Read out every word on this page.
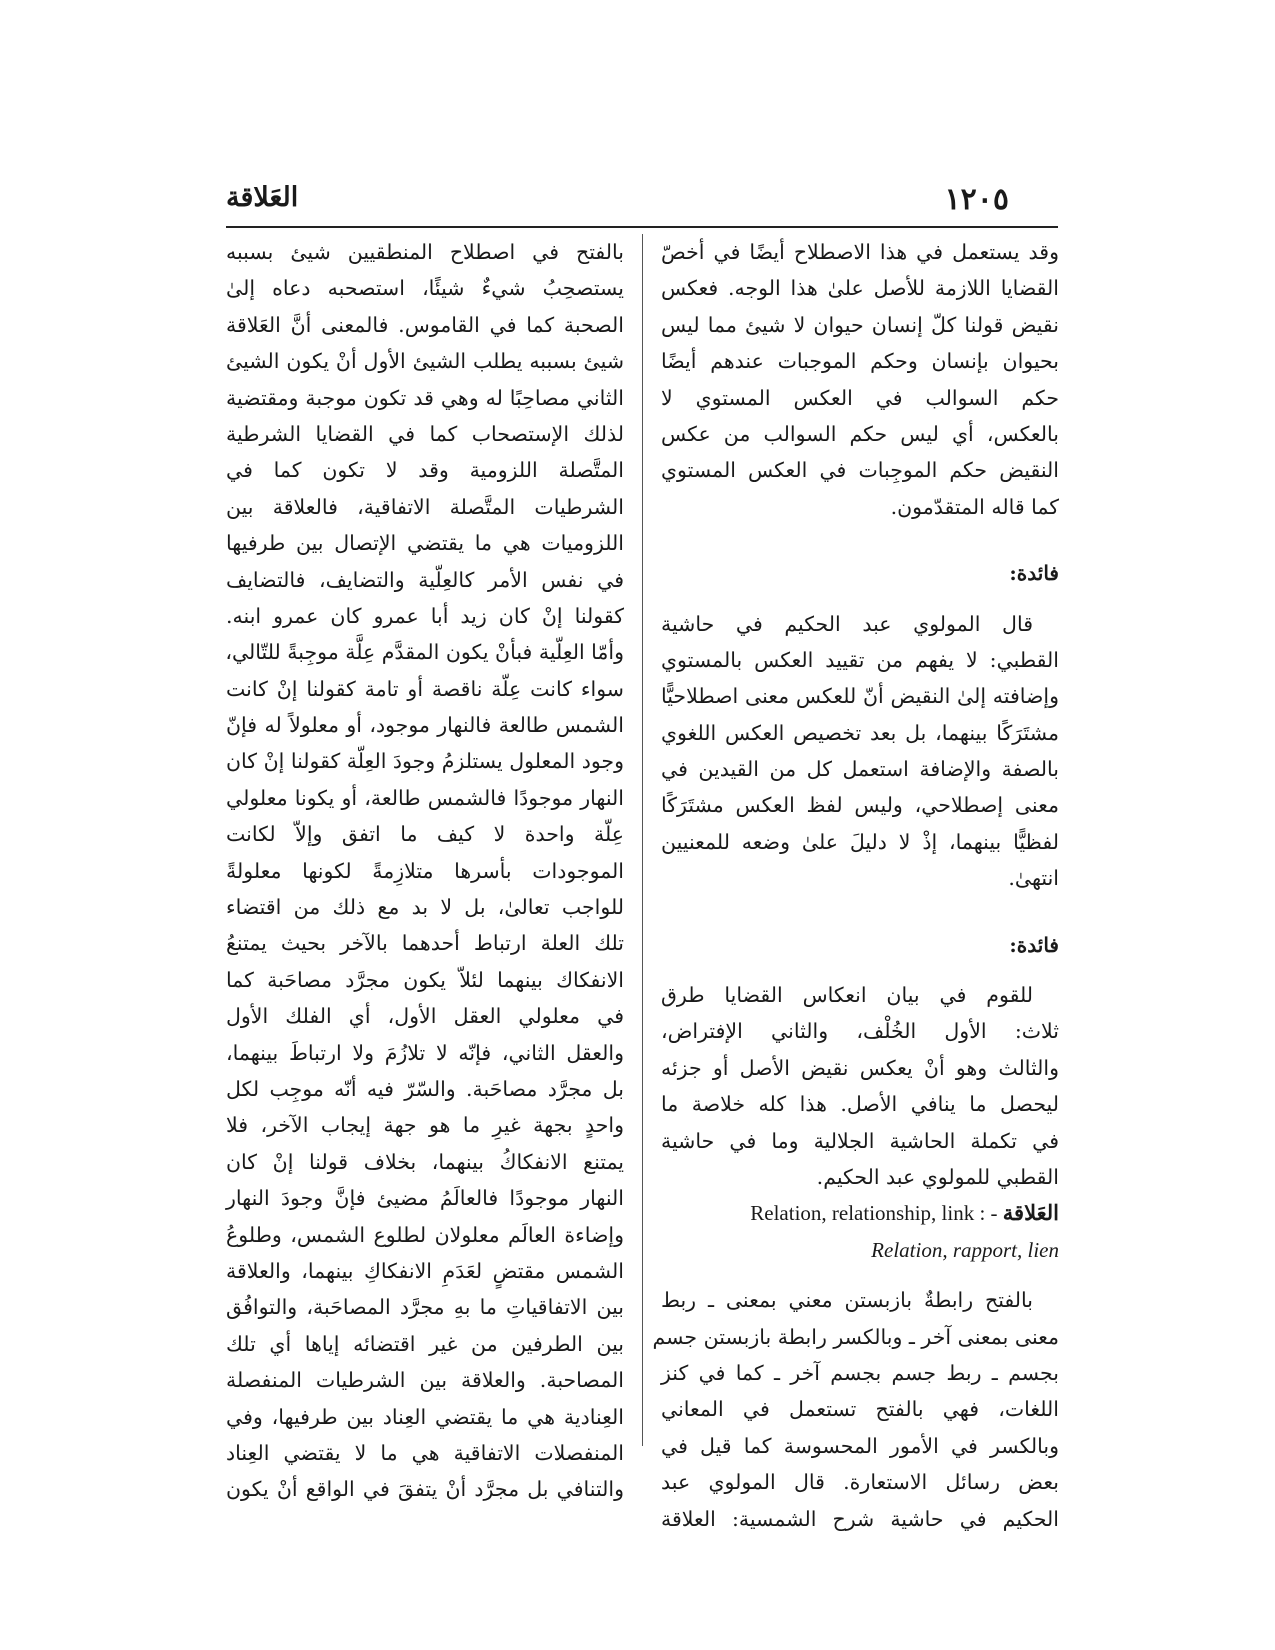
١٢٠٥
العَلاقة
وقد يستعمل في هذا الاصطلاح أيضًا في أخصّ
القضايا اللازمة للأصل علىٰ هذا الوجه. فعكس
نقيض قولنا كلّ إنسان حيوان لا شيئ مما ليس
بحيوان بإنسان وحكم الموجبات عندهم أيضًا
حكم السوالب في العكس المستوي لا
بالعكس، أي ليس حكم السوالب من عكس
النقيض حكم الموجِبات في العكس المستوي
كما قاله المتقدّمون.
فائدة:
قال المولوي عبد الحكيم في حاشية
القطبي: لا يفهم من تقييد العكس بالمستوي
وإضافته إلىٰ النقيض أنّ للعكس معنى اصطلاحيًّا
مشتَرَكًا بينهما، بل بعد تخصيص العكس اللغوي
بالصفة والإضافة استعمل كل من القيدين في
معنى إصطلاحي، وليس لفظ العكس مشتَرَكًا
لفظيًّا بينهما، إذْ لا دليلَ علىٰ وضعه للمعنيين
انتهىٰ.
فائدة:
للقوم في بيان انعكاس القضايا طرق
ثلاث: الأول الخُلْف، والثاني الإفتراض،
والثالث وهو أنْ يعكس نقيض الأصل أو جزئه
ليحصل ما ينافي الأصل. هذا كله خلاصة ما
في تكملة الحاشية الجلالية وما في حاشية
القطبي للمولوي عبد الحكيم.
Relation, relationship, link : - العَلاقة
Relation, rapport, lien
بالفتح رابطةٌ بازبستن معني بمعنى ـ ربط
معنى بمعنى آخر ـ وبالكسر رابطة بازبستن جسم
بجسم ـ ربط جسم بجسم آخر ـ كما في كنز
اللغات، فهي بالفتح تستعمل في المعاني
وبالكسر في الأمور المحسوسة كما قيل في
بعض رسائل الاستعارة. قال المولوي عبد
الحكيم في حاشية شرح الشمسية: العلاقة
بالفتح في اصطلاح المنطقيين شيئ بسببه
يستصحِبُ شيءٌ شيئًا، استصحبه دعاه إلىٰ
الصحبة كما في القاموس. فالمعنى أنَّ العَلاقة
شيئ بسببه يطلب الشيئ الأول أنْ يكون الشيئ
الثاني مصاحِبًا له وهي قد تكون موجبة ومقتضية
لذلك الإستصحاب كما في القضايا الشرطية
المتَّصلة اللزومية وقد لا تكون كما في
الشرطيات المتَّصلة الاتفاقية، فالعلاقة بين
اللزوميات هي ما يقتضي الإتصال بين طرفيها
في نفس الأمر كالعِلّية والتضايف، فالتضايف
كقولنا إنْ كان زيد أبا عمرو كان عمرو ابنه.
وأمّا العِلّية فبأنْ يكون المقدَّم عِلَّة موجِبةً للتّالي،
سواء كانت عِلّة ناقصة أو تامة كقولنا إنْ كانت
الشمس طالعة فالنهار موجود، أو معلولاً له فإنّ
وجود المعلول يستلزمُ وجودَ العِلّة كقولنا إنْ كان
النهار موجودًا فالشمس طالعة، أو يكونا معلولي
عِلّة واحدة لا كيف ما اتفق وإلاّ لكانت
الموجودات بأسرها متلازِمةً لكونها معلولةً
للواجب تعالىٰ، بل لا بد مع ذلك من اقتضاء
تلك العلة ارتباط أحدهما بالآخر بحيث يمتنعُ
الانفكاك بينهما لئلاّ يكون مجرَّد مصاحَبة كما
في معلولي العقل الأول، أي الفلك الأول
والعقل الثاني، فإنّه لا تلازُمَ ولا ارتباطَ بينهما،
بل مجرَّد مصاحَبة. والسّرّ فيه أنّه موجِب لكل
واحدٍ بجهة غيرِ ما هو جهة إيجاب الآخر، فلا
يمتنع الانفكاكُ بينهما، بخلاف قولنا إنْ كان
النهار موجودًا فالعالَمُ مضيئ فإنَّ وجودَ النهار
وإضاءة العالَم معلولان لطلوع الشمس، وطلوعُ
الشمس مقتضٍ لعَدَمِ الانفكاكِ بينهما، والعلاقة
بين الاتفاقياتِ ما بهِ مجرَّد المصاحَبة، والتوافُق
بين الطرفين من غير اقتضائه إياها أي تلك
المصاحبة. والعلاقة بين الشرطيات المنفصلة
العِنادية هي ما يقتضي العِناد بين طرفيها، وفي
المنفصلات الاتفاقية هي ما لا يقتضي العِناد
والتنافي بل مجرَّد أنْ يتفقَ في الواقع أنْ يكون
